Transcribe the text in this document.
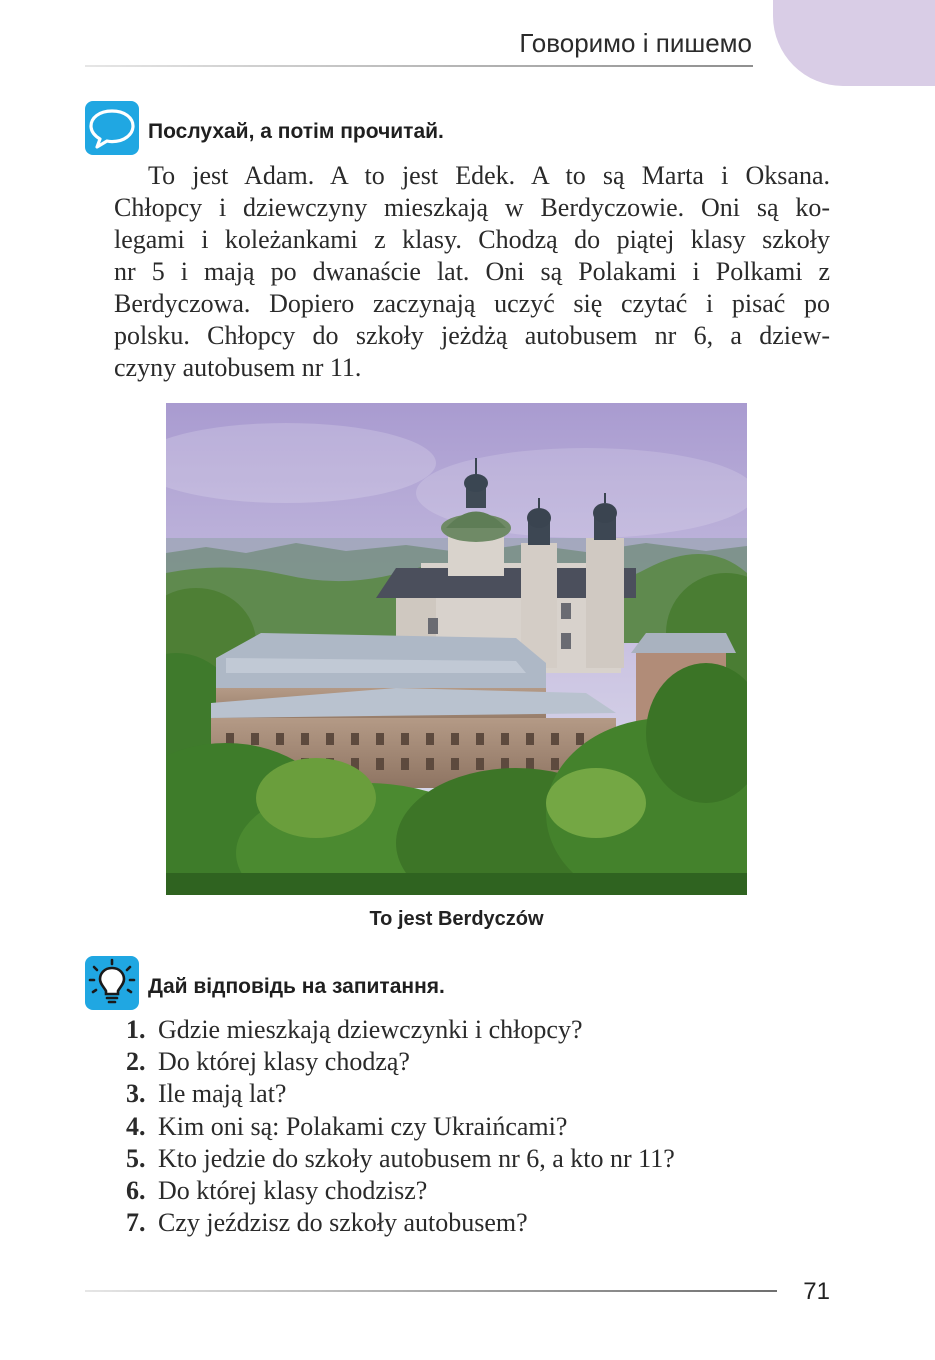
Говоримо і пишемо
Послухай, а потім прочитай.
To jest Adam. A to jest Edek. A to są Marta i Oksana.
Chłopcy i dziewczyny mieszkają w Berdyczowie. Oni są ko-
legami i koleżankami z klasy. Chodzą do piątej klasy szkoły
nr 5 i mają po dwanaście lat. Oni są Polakami i Polkami z
Berdyczowa. Dopiero zaczynają uczyć się czytać i pisać po
polsku. Chłopcy do szkoły jeżdżą autobusem nr 6, a dziew-
czyny autobusem nr 11.
To jest Berdyczów
Дай відповідь на запитання.
1. Gdzie mieszkają dziewczynki i chłopcy?
2. Do której klasy chodzą?
3. Ile mają lat?
4. Kim oni są: Polakami czy Ukraińcami?
5. Kto jedzie do szkoły autobusem nr 6, a kto nr 11?
6. Do której klasy chodzisz?
7. Czy jeździsz do szkoły autobusem?
71
